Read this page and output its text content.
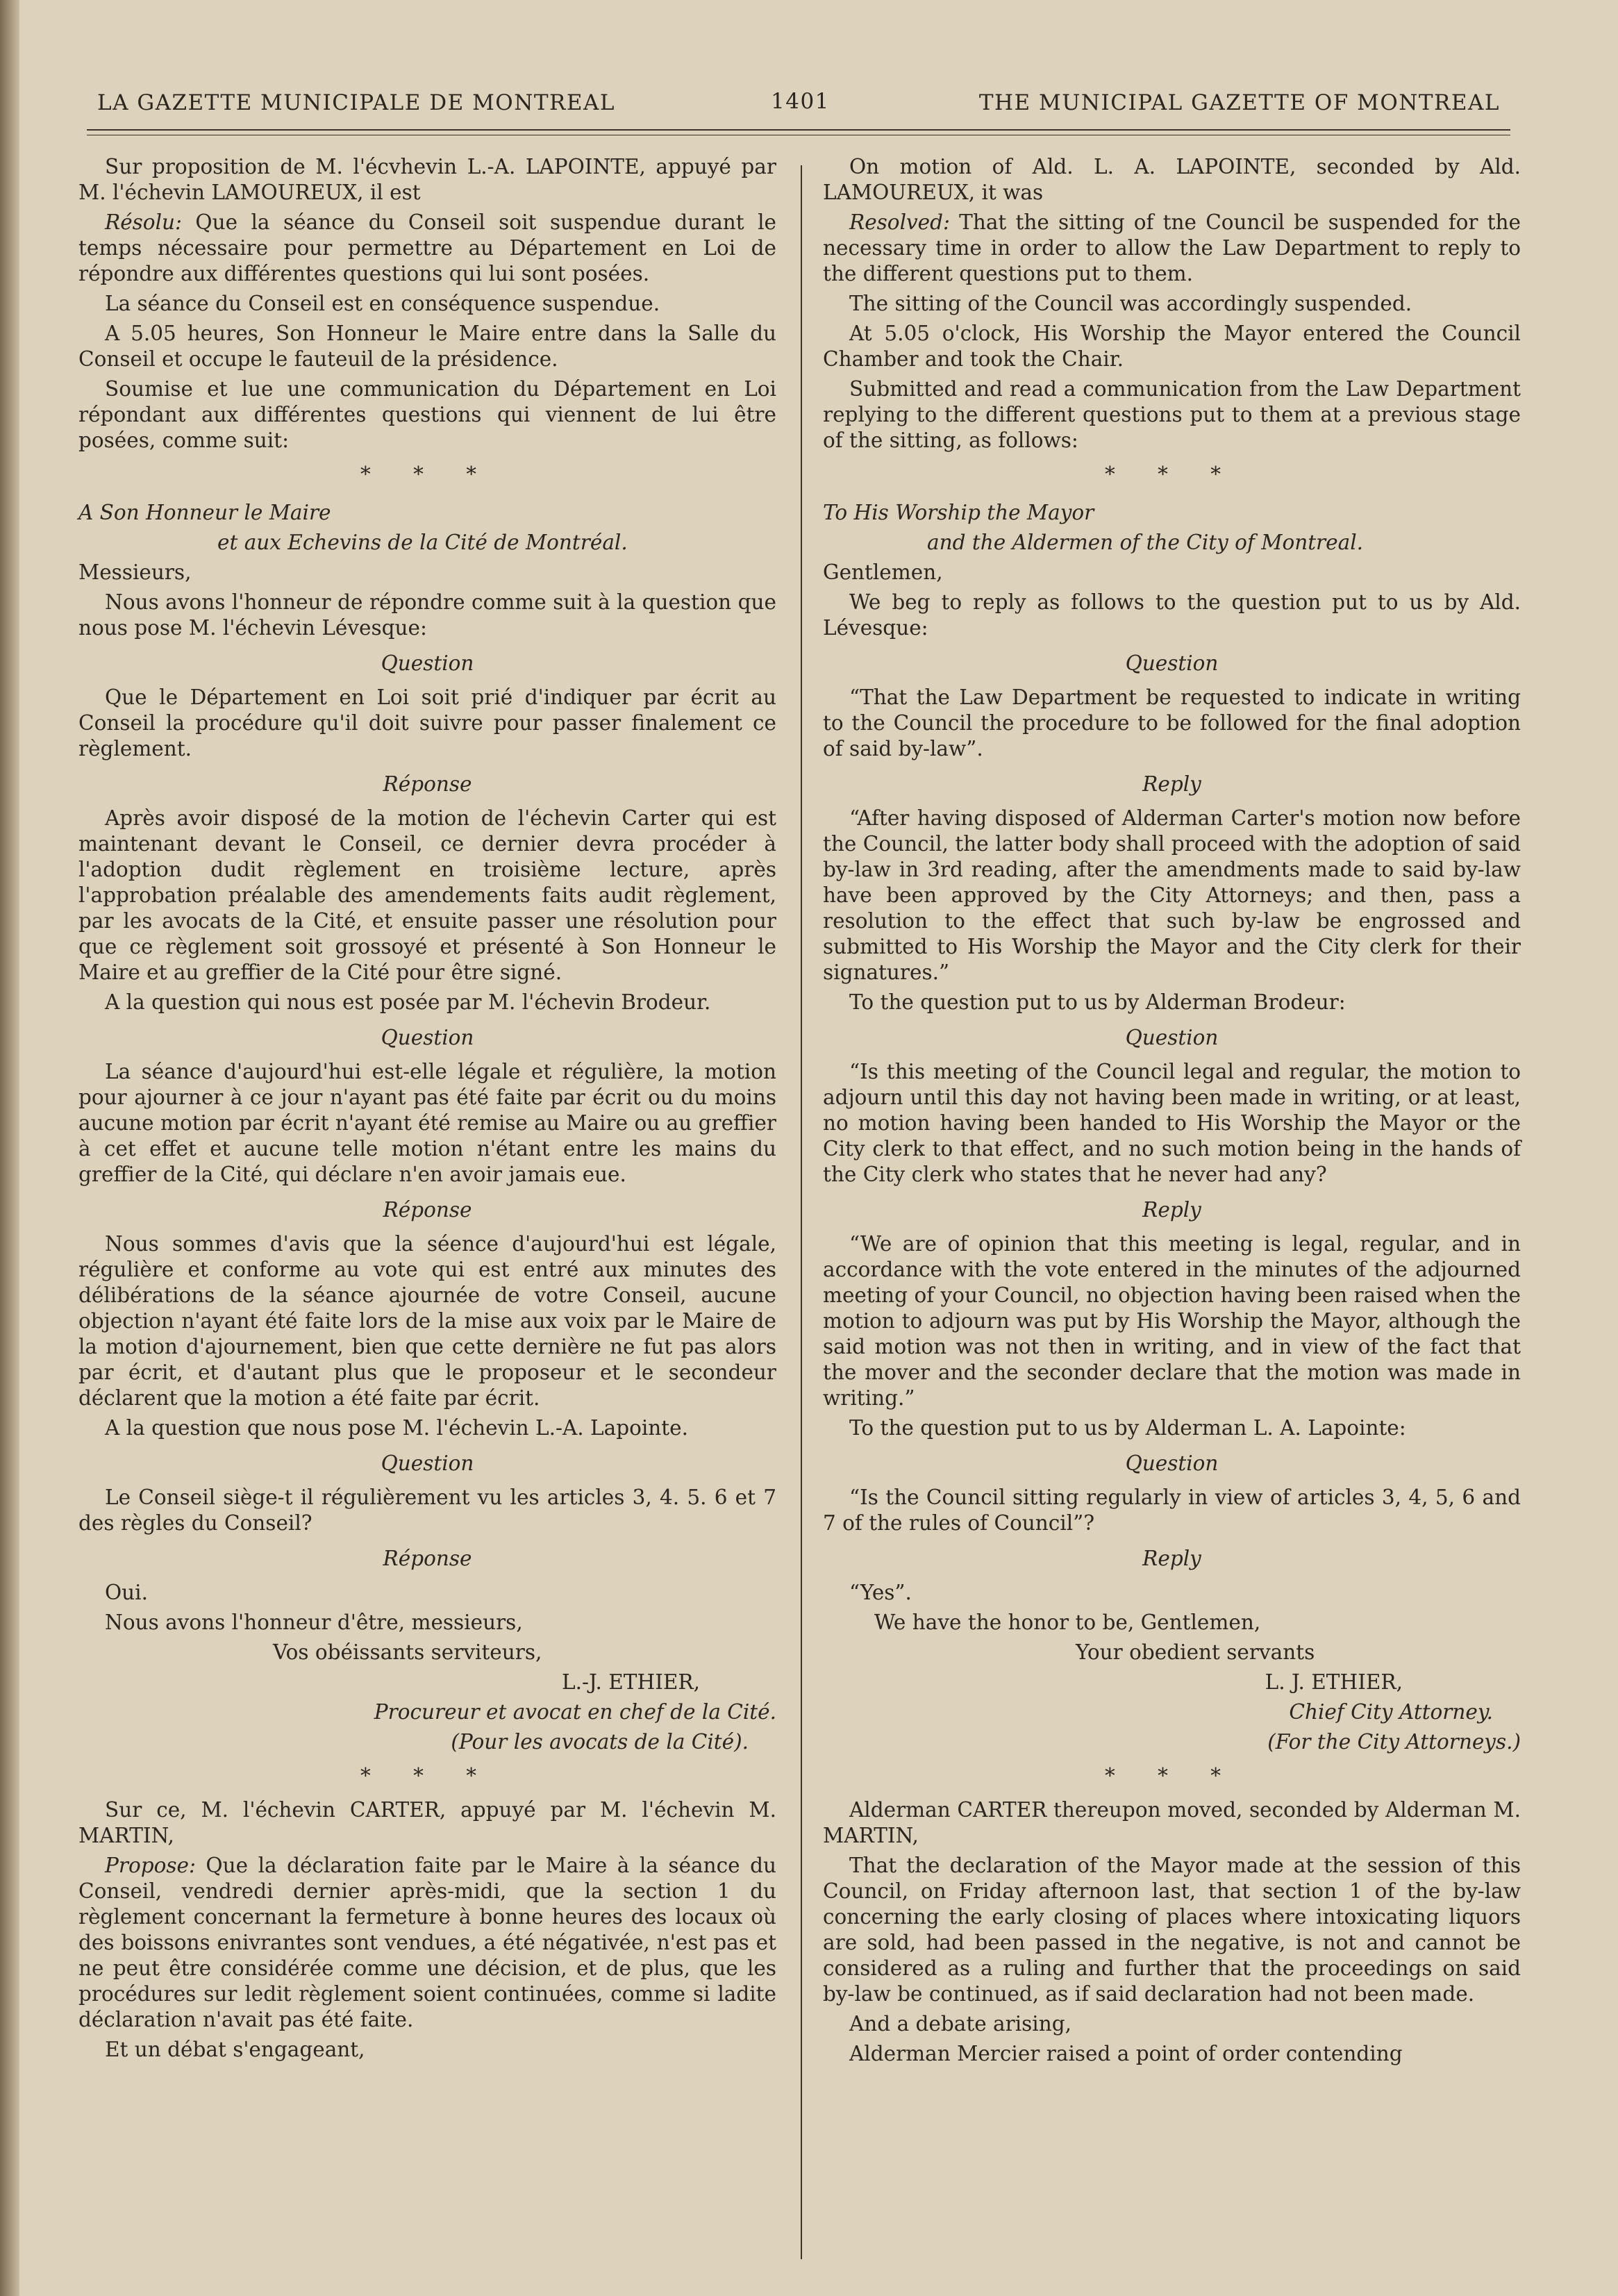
LA GAZETTE MUNICIPALE DE MONTREAL	1401	THE MUNICIPAL GAZETTE OF MONTREAL

Sur proposition de M. l'écvhevin L.-A. LAPOINTE, appuyé par M. l'échevin LAMOUREUX, il est

Résolu: Que la séance du Conseil soit suspendue durant le temps nécessaire pour permettre au Département en Loi de répondre aux différentes questions qui lui sont posées.

La séance du Conseil est en conséquence suspendue.

A 5.05 heures, Son Honneur le Maire entre dans la Salle du Conseil et occupe le fauteuil de la présidence.

Soumise et lue une communication du Département en Loi répondant aux différentes questions qui viennent de lui être posées, comme suit:

* * *

A Son Honneur le Maire

et aux Echevins de la Cité de Montréal.

Messieurs,

Nous avons l'honneur de répondre comme suit à la question que nous pose M. l'échevin Lévesque:

Question

Que le Département en Loi soit prié d'indiquer par écrit au Conseil la procédure qu'il doit suivre pour passer finalement ce règlement.

Réponse

Après avoir disposé de la motion de l'échevin Carter qui est maintenant devant le Conseil, ce dernier devra procéder à l'adoption dudit règlement en troisième lecture, après l'approbation préalable des amendements faits audit règlement, par les avocats de la Cité, et ensuite passer une résolution pour que ce règlement soit grossoyé et présenté à Son Honneur le Maire et au greffier de la Cité pour être signé.

A la question qui nous est posée par M. l'échevin Brodeur.

Question

La séance d'aujourd'hui est-elle légale et régulière, la motion pour ajourner à ce jour n'ayant pas été faite par écrit ou du moins aucune motion par écrit n'ayant été remise au Maire ou au greffier à cet effet et aucune telle motion n'étant entre les mains du greffier de la Cité, qui déclare n'en avoir jamais eue.

Réponse

Nous sommes d'avis que la séence d'aujourd'hui est légale, régulière et conforme au vote qui est entré aux minutes des délibérations de la séance ajournée de votre Conseil, aucune objection n'ayant été faite lors de la mise aux voix par le Maire de la motion d'ajournement, bien que cette dernière ne fut pas alors par écrit, et d'autant plus que le proposeur et le secondeur déclarent que la motion a été faite par écrit.

A la question que nous pose M. l'échevin L.-A. Lapointe.

Question

Le Conseil siège-t il régulièrement vu les articles 3, 4. 5. 6 et 7 des règles du Conseil?

Réponse

Oui.

Nous avons l'honneur d'être, messieurs,

Vos obéissants serviteurs,

L.-J. ETHIER,

Procureur et avocat en chef de la Cité.

(Pour les avocats de la Cité).

* * *

Sur ce, M. l'échevin CARTER, appuyé par M. l'échevin M. MARTIN,

Propose: Que la déclaration faite par le Maire à la séance du Conseil, vendredi dernier après-midi, que la section 1 du règlement concernant la fermeture à bonne heures des locaux où des boissons enivrantes sont vendues, a été négativée, n'est pas et ne peut être considérée comme une décision, et de plus, que les procédures sur ledit règlement soient continuées, comme si ladite déclaration n'avait pas été faite.

Et un débat s'engageant,

On motion of Ald. L. A. LAPOINTE, seconded by Ald. LAMOUREUX, it was

Resolved: That the sitting of tne Council be suspended for the necessary time in order to allow the Law Department to reply to the different questions put to them.

The sitting of the Council was accordingly suspended.

At 5.05 o'clock, His Worship the Mayor entered the Council Chamber and took the Chair.

Submitted and read a communication from the Law Department replying to the different questions put to them at a previous stage of the sitting, as follows:

* * *

To His Worship the Mayor

and the Aldermen of the City of Montreal.

Gentlemen,

We beg to reply as follows to the question put to us by Ald. Lévesque:

Question

“That the Law Department be requested to indicate in writing to the Council the procedure to be followed for the final adoption of said by-law”.

Reply

“After having disposed of Alderman Carter's motion now before the Council, the latter body shall proceed with the adoption of said by-law in 3rd reading, after the amendments made to said by-law have been approved by the City Attorneys; and then, pass a resolution to the effect that such by-law be engrossed and submitted to His Worship the Mayor and the City clerk for their signatures.”

To the question put to us by Alderman Brodeur:

Question

“Is this meeting of the Council legal and regular, the motion to adjourn until this day not having been made in writing, or at least, no motion having been handed to His Worship the Mayor or the City clerk to that effect, and no such motion being in the hands of the City clerk who states that he never had any?

Reply

“We are of opinion that this meeting is legal, regular, and in accordance with the vote entered in the minutes of the adjourned meeting of your Council, no objection having been raised when the motion to adjourn was put by His Worship the Mayor, although the said motion was not then in writing, and in view of the fact that the mover and the seconder declare that the motion was made in writing.”

To the question put to us by Alderman L. A. Lapointe:

Question

“Is the Council sitting regularly in view of articles 3, 4, 5, 6 and 7 of the rules of Council”?

Reply

“Yes”.

We have the honor to be, Gentlemen,

Your obedient servants

L. J. ETHIER,

Chief City Attorney.

(For the City Attorneys.)

* * *

Alderman CARTER thereupon moved, seconded by Alderman M. MARTIN,

That the declaration of the Mayor made at the session of this Council, on Friday afternoon last, that section 1 of the by-law concerning the early closing of places where intoxicating liquors are sold, had been passed in the negative, is not and cannot be considered as a ruling and further that the proceedings on said by-law be continued, as if said declaration had not been made.

And a debate arising,

Alderman Mercier raised a point of order contending
